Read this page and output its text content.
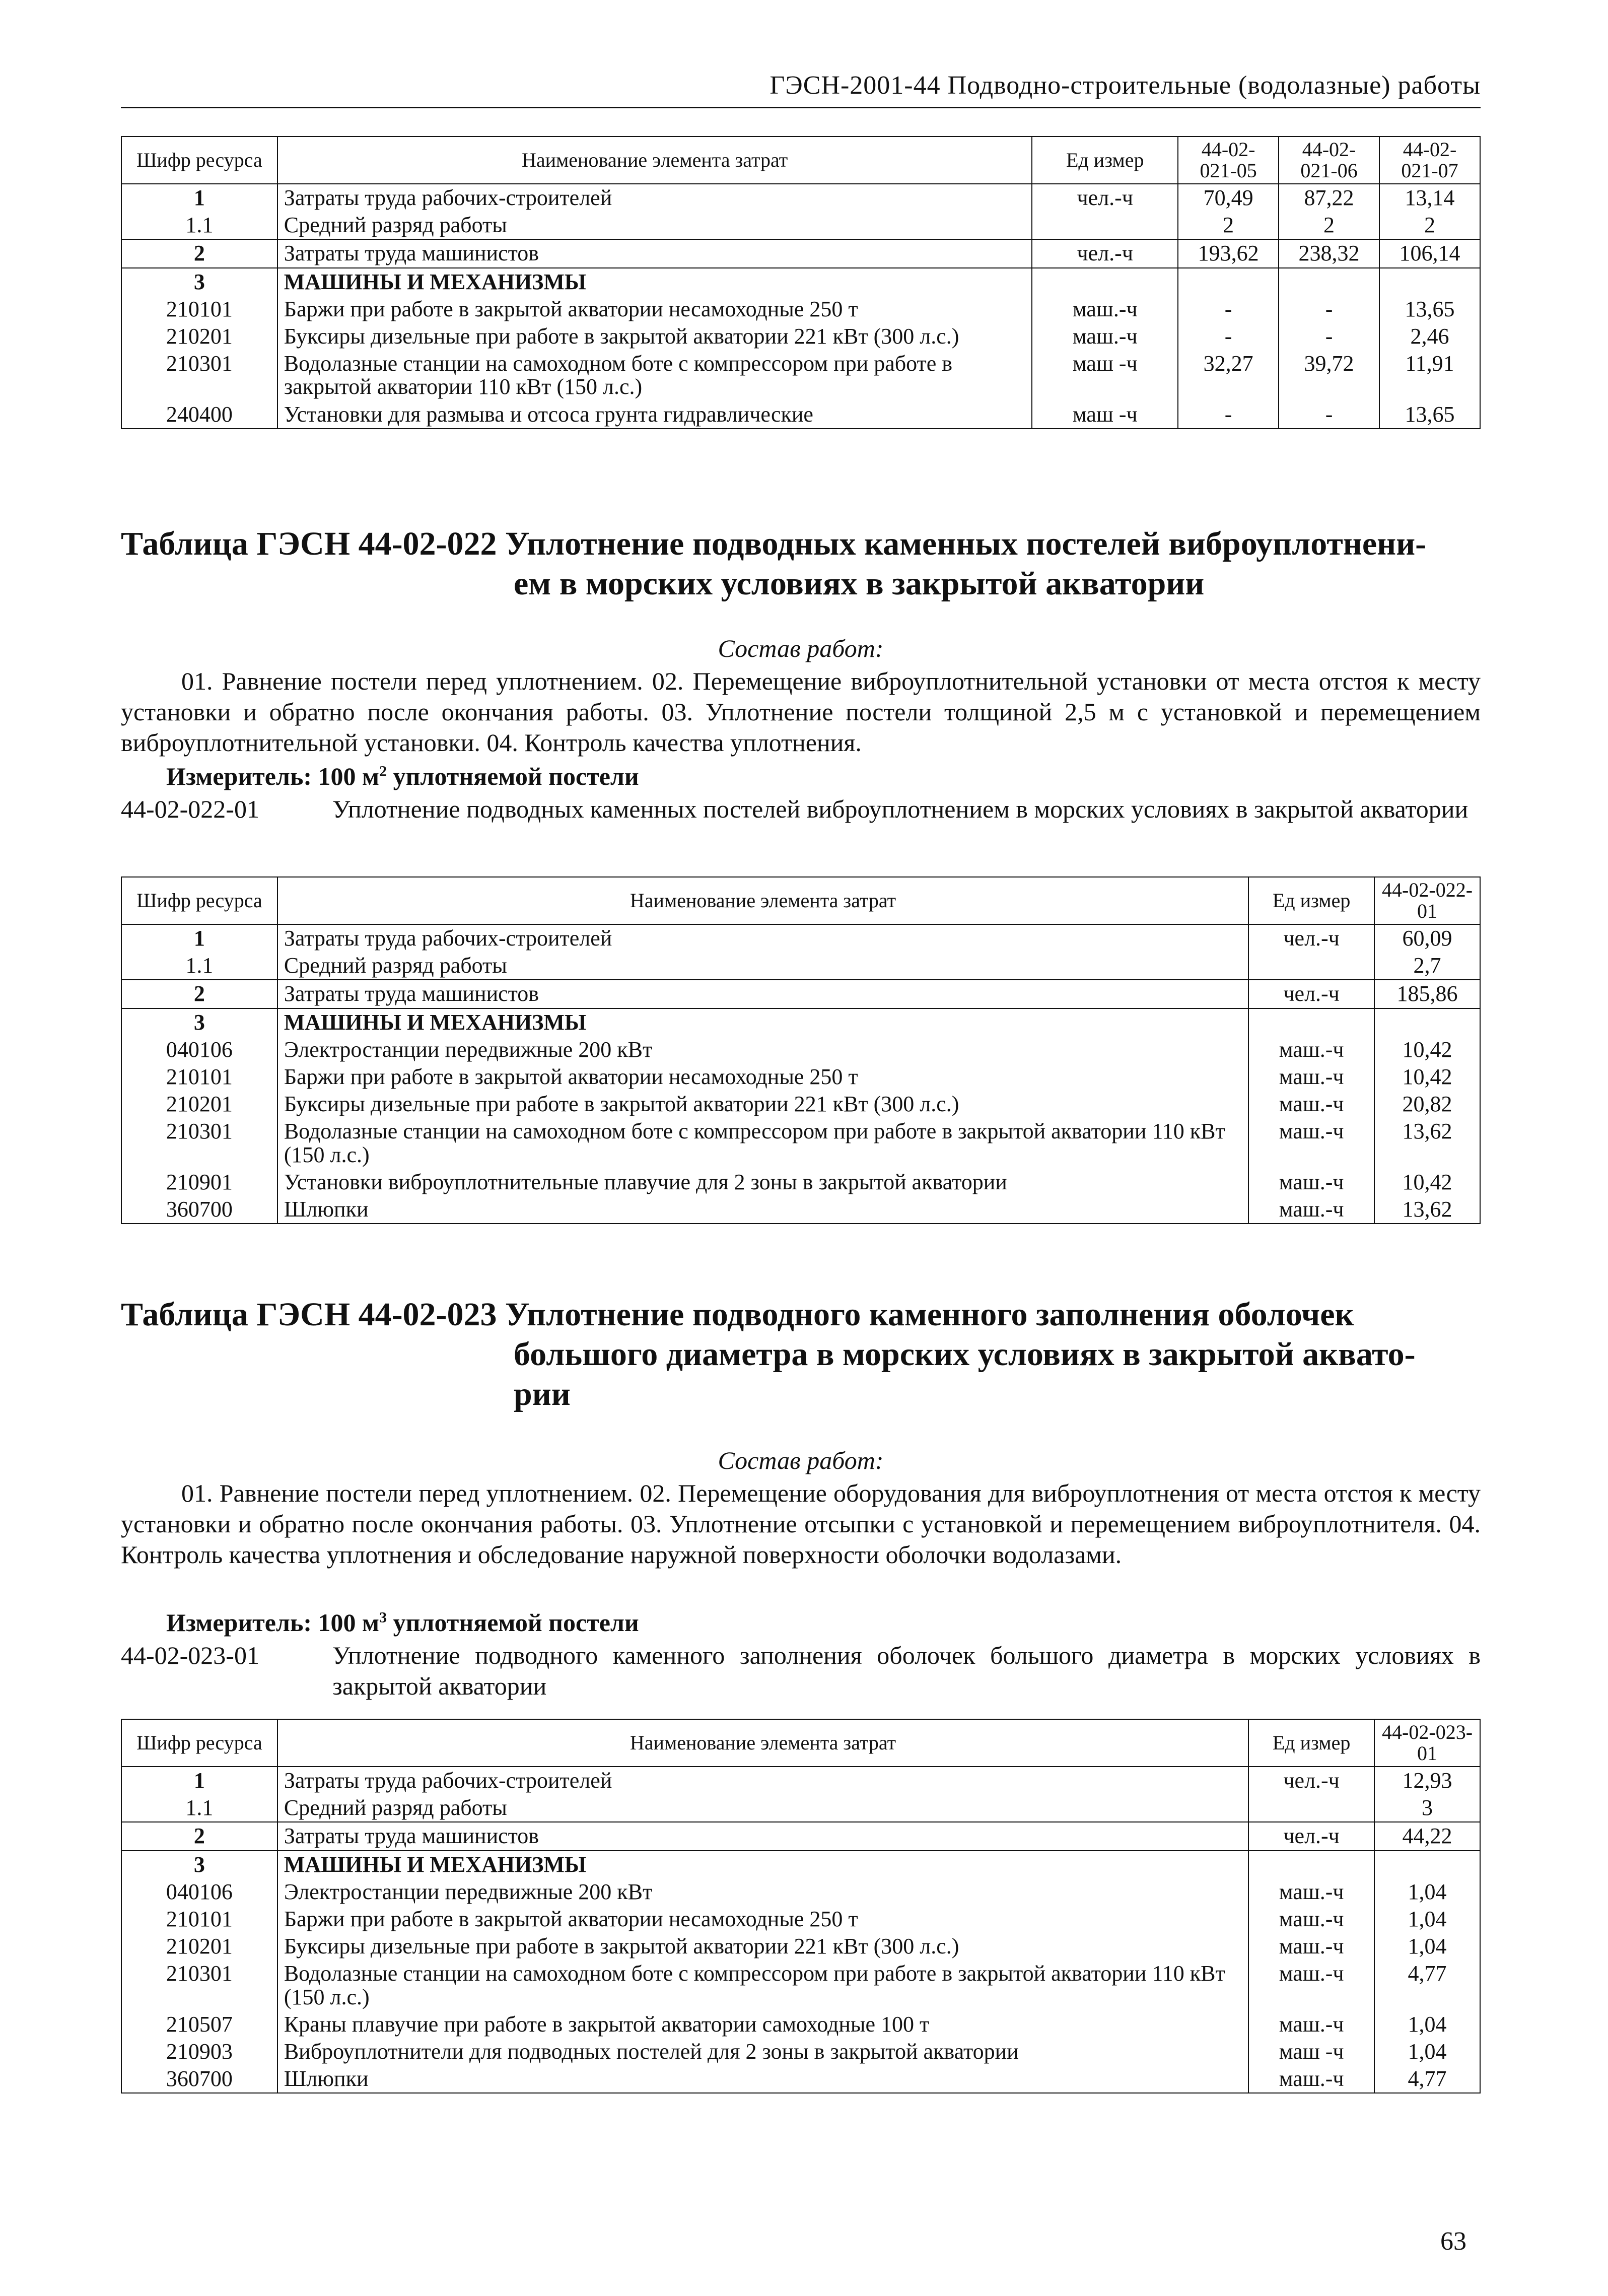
ГЭСН-2001-44 Подводно-строительные (водолазные) работы
Шифр ресурса	Наименование элемента затрат	Ед измер	44-02-021-05	44-02-021-06	44-02-021-07
1	Затраты труда рабочих-строителей	чел.-ч	70,49	87,22	13,14
1.1	Средний разряд работы		2	2	2
2	Затраты труда машинистов	чел.-ч	193,62	238,32	106,14
3	МАШИНЫ И МЕХАНИЗМЫ				
210101	Баржи при работе в закрытой акватории несамоходные 250 т	маш.-ч	-	-	13,65
210201	Буксиры дизельные при работе в закрытой акватории 221 кВт (300 л.с.)	маш.-ч	-	-	2,46
210301	Водолазные станции на самоходном боте с компрессором при работе в закрытой акватории 110 кВт (150 л.с.)	маш -ч	32,27	39,72	11,91
240400	Установки для размыва и отсоса грунта гидравлические	маш -ч	-	-	13,65
Таблица ГЭСН 44-02-022 Уплотнение подводных каменных постелей виброуплотнени-
ем в морских условиях в закрытой акватории
Состав работ:
01. Равнение постели перед уплотнением. 02. Перемещение виброуплотнительной установки от места отстоя к месту установки и обратно после окончания работы. 03. Уплотнение постели толщиной 2,5 м с установкой и перемещением виброуплотнительной установки. 04. Контроль качества уплотнения.
Измеритель: 100 $м^2$ уплотняемой постели
44-02-022-01	Уплотнение подводных каменных постелей виброуплотнением в морских условиях в закрытой акватории
Шифр ресурса	Наименование элемента затрат	Ед измер	44-02-022-01
1	Затраты труда рабочих-строителей	чел.-ч	60,09
1.1	Средний разряд работы		2,7
2	Затраты труда машинистов	чел.-ч	185,86
3	МАШИНЫ И МЕХАНИЗМЫ		
040106	Электростанции передвижные 200 кВт	маш.-ч	10,42
210101	Баржи при работе в закрытой акватории несамоходные 250 т	маш.-ч	10,42
210201	Буксиры дизельные при работе в закрытой акватории 221 кВт (300 л.с.)	маш.-ч	20,82
210301	Водолазные станции на самоходном боте с компрессором при работе в закрытой акватории 110 кВт (150 л.с.)	маш.-ч	13,62
210901	Установки виброуплотнительные плавучие для 2 зоны в закрытой акватории	маш.-ч	10,42
360700	Шлюпки	маш.-ч	13,62
Таблица ГЭСН 44-02-023 Уплотнение подводного каменного заполнения оболочек
большого диаметра в морских условиях в закрытой аквато-
рии
Состав работ:
01. Равнение постели перед уплотнением. 02. Перемещение оборудования для виброуплотнения от места отстоя к месту установки и обратно после окончания работы. 03. Уплотнение отсыпки с установкой и перемещением виброуплотнителя. 04. Контроль качества уплотнения и обследование наружной поверхности оболочки водолазами.
Измеритель: 100 $м^3$ уплотняемой постели
44-02-023-01	Уплотнение подводного каменного заполнения оболочек большого диаметра в морских условиях в закрытой акватории
Шифр ресурса	Наименование элемента затрат	Ед измер	44-02-023-01
1	Затраты труда рабочих-строителей	чел.-ч	12,93
1.1	Средний разряд работы		3
2	Затраты труда машинистов	чел.-ч	44,22
3	МАШИНЫ И МЕХАНИЗМЫ		
040106	Электростанции передвижные 200 кВт	маш.-ч	1,04
210101	Баржи при работе в закрытой акватории несамоходные 250 т	маш.-ч	1,04
210201	Буксиры дизельные при работе в закрытой акватории 221 кВт (300 л.с.)	маш.-ч	1,04
210301	Водолазные станции на самоходном боте с компрессором при работе в закрытой акватории 110 кВт (150 л.с.)	маш.-ч	4,77
210507	Краны плавучие при работе в закрытой акватории самоходные 100 т	маш.-ч	1,04
210903	Виброуплотнители для подводных постелей для 2 зоны в закрытой акватории	маш -ч	1,04
360700	Шлюпки	маш.-ч	4,77
63
